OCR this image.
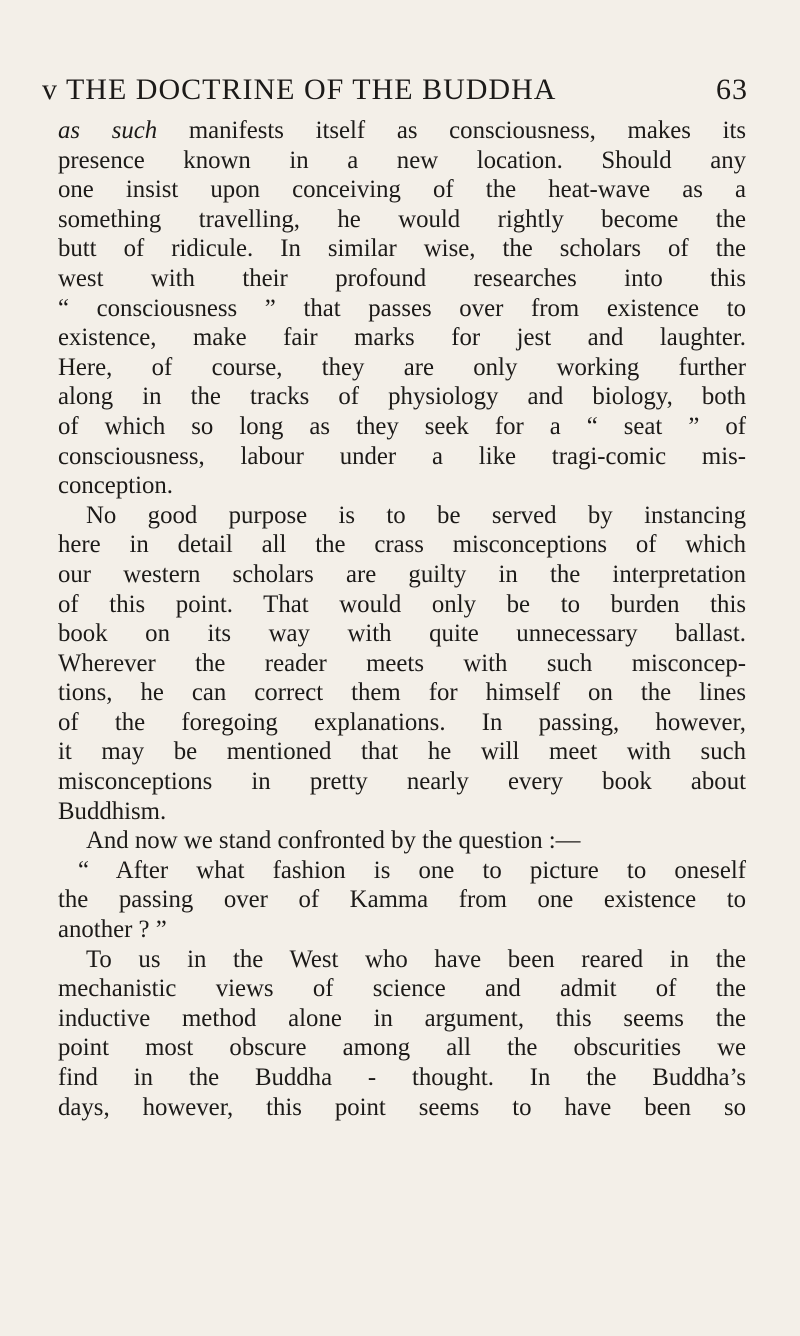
v THE DOCTRINE OF THE BUDDHA	63
as such manifests itself as consciousness, makes its
presence known in a new location. Should any
one insist upon conceiving of the heat-wave as a
something travelling, he would rightly become the
butt of ridicule. In similar wise, the scholars of the
west with their profound researches into this
“ consciousness ” that passes over from existence to
existence, make fair marks for jest and laughter.
Here, of course, they are only working further
along in the tracks of physiology and biology, both
of which so long as they seek for a “ seat ” of
consciousness, labour under a like tragi-comic mis-
conception.
No good purpose is to be served by instancing
here in detail all the crass misconceptions of which
our western scholars are guilty in the interpretation
of this point. That would only be to burden this
book on its way with quite unnecessary ballast.
Wherever the reader meets with such misconcep-
tions, he can correct them for himself on the lines
of the foregoing explanations. In passing, however,
it may be mentioned that he will meet with such
misconceptions in pretty nearly every book about
Buddhism.
And now we stand confronted by the question :—
“ After what fashion is one to picture to oneself
the passing over of Kamma from one existence to
another ? ”
To us in the West who have been reared in the
mechanistic views of science and admit of the
inductive method alone in argument, this seems the
point most obscure among all the obscurities we
find in the Buddha - thought. In the Buddha’s
days, however, this point seems to have been so
